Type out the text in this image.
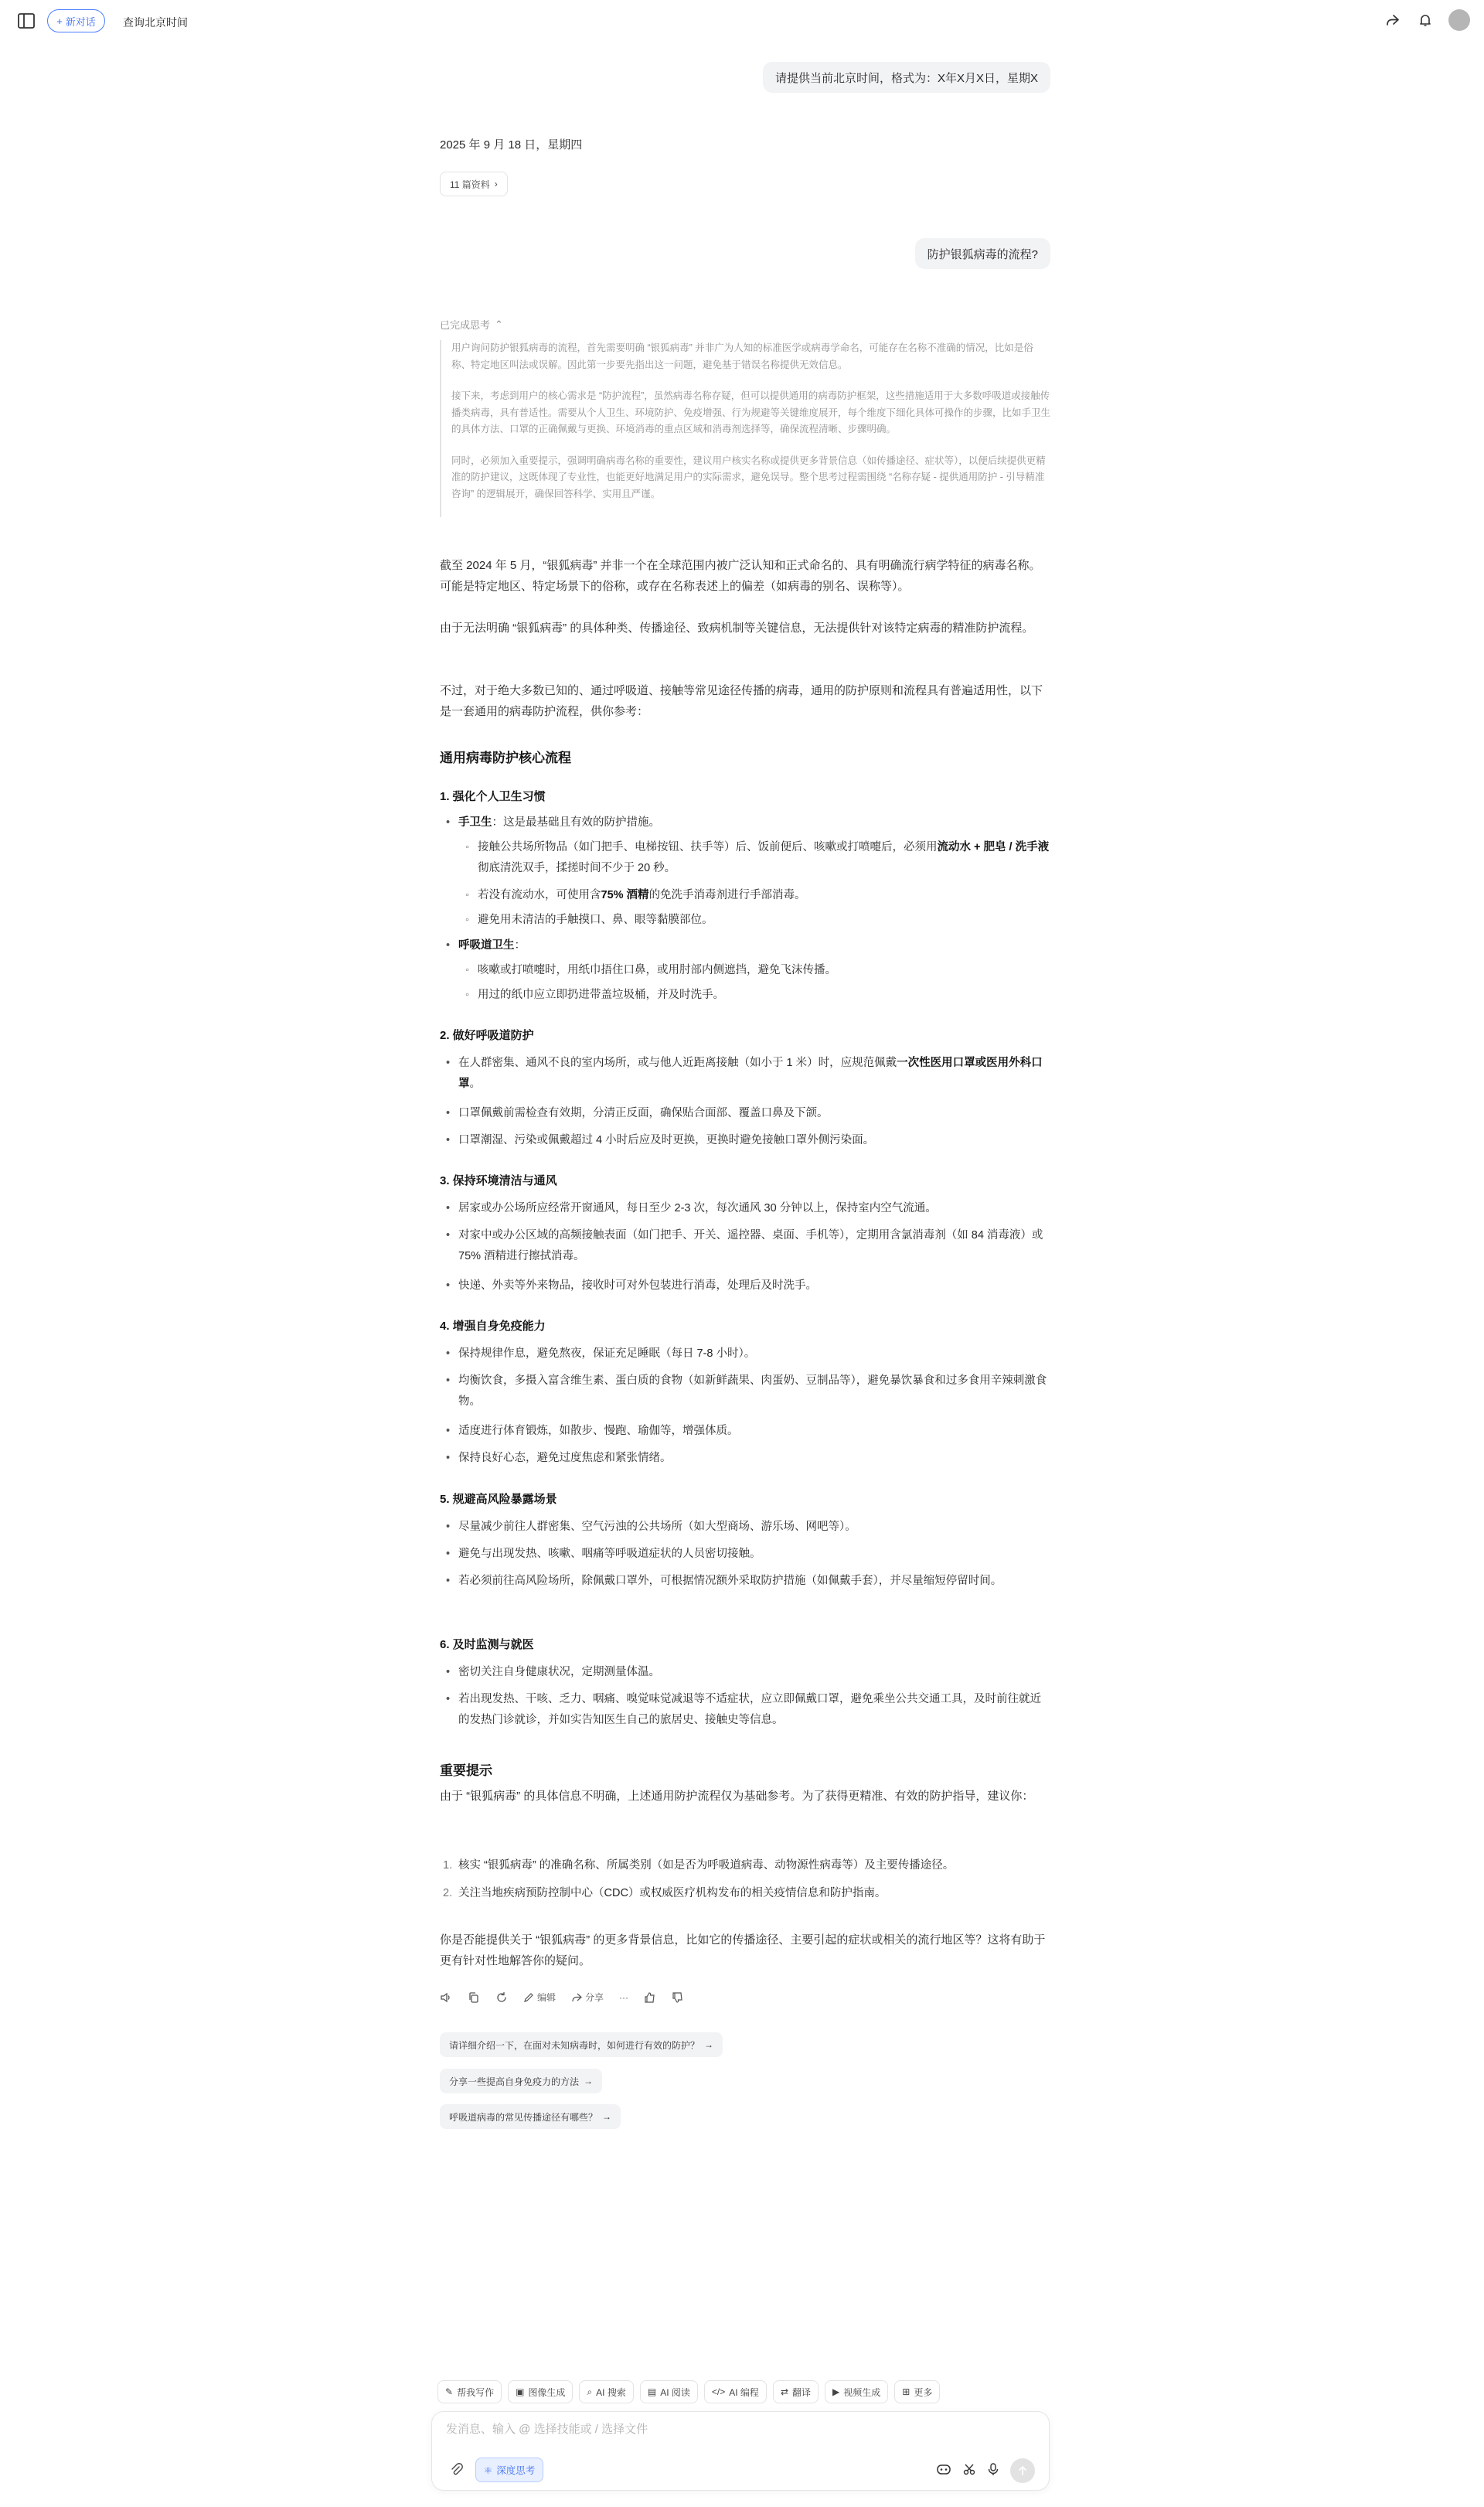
+ 新对话	查询北京时间
请提供当前北京时间，格式为：X年X月X日，星期X
2025 年 9 月 18 日，星期四
11 篇资料 ›
防护银狐病毒的流程?
已完成思考 ⌃

用户询问防护银狐病毒的流程，首先需要明确 “银狐病毒” 并非广为人知的标准医学或病毒学命名，可能存在名称不准确的情况，比如是俗称、特定地区叫法或误解。因此第一步要先指出这一问题，避免基于错误名称提供无效信息。

接下来，考虑到用户的核心需求是 “防护流程”，虽然病毒名称存疑，但可以提供通用的病毒防护框架，这些措施适用于大多数呼吸道或接触传播类病毒，具有普适性。需要从个人卫生、环境防护、免疫增强、行为规避等关键维度展开，每个维度下细化具体可操作的步骤，比如手卫生的具体方法、口罩的正确佩戴与更换、环境消毒的重点区域和消毒剂选择等，确保流程清晰、步骤明确。

同时，必须加入重要提示，强调明确病毒名称的重要性，建议用户核实名称或提供更多背景信息（如传播途径、症状等），以便后续提供更精准的防护建议，这既体现了专业性，也能更好地满足用户的实际需求，避免误导。整个思考过程需围绕 “名称存疑 - 提供通用防护 - 引导精准咨询” 的逻辑展开，确保回答科学、实用且严谨。

截至 2024 年 5 月，“银狐病毒” 并非一个在全球范围内被广泛认知和正式命名的、具有明确流行病学特征的病毒名称。可能是特定地区、特定场景下的俗称，或存在名称表述上的偏差（如病毒的别名、误称等）。

由于无法明确 “银狐病毒” 的具体种类、传播途径、致病机制等关键信息，无法提供针对该特定病毒的精准防护流程。

不过，对于绝大多数已知的、通过呼吸道、接触等常见途径传播的病毒，通用的防护原则和流程具有普遍适用性，以下是一套通用的病毒防护流程，供你参考：

通用病毒防护核心流程
1. 强化个人卫生习惯
• 手卫生：这是最基础且有效的防护措施。
◦ 接触公共场所物品（如门把手、电梯按钮、扶手等）后、饭前便后、咳嗽或打喷嚏后，必须用流动水 + 肥皂 / 洗手液彻底清洗双手，揉搓时间不少于 20 秒。
◦ 若没有流动水，可使用含75% 酒精的免洗手消毒剂进行手部消毒。
◦ 避免用未清洁的手触摸口、鼻、眼等黏膜部位。
• 呼吸道卫生：
◦ 咳嗽或打喷嚏时，用纸巾捂住口鼻，或用肘部内侧遮挡，避免飞沫传播。
◦ 用过的纸巾应立即扔进带盖垃圾桶，并及时洗手。
2. 做好呼吸道防护
• 在人群密集、通风不良的室内场所，或与他人近距离接触（如小于 1 米）时，应规范佩戴一次性医用口罩或医用外科口罩。
• 口罩佩戴前需检查有效期，分清正反面，确保贴合面部、覆盖口鼻及下颌。
• 口罩潮湿、污染或佩戴超过 4 小时后应及时更换，更换时避免接触口罩外侧污染面。
3. 保持环境清洁与通风
• 居家或办公场所应经常开窗通风，每日至少 2-3 次，每次通风 30 分钟以上，保持室内空气流通。
• 对家中或办公区域的高频接触表面（如门把手、开关、遥控器、桌面、手机等），定期用含氯消毒剂（如 84 消毒液）或 75% 酒精进行擦拭消毒。
• 快递、外卖等外来物品，接收时可对外包装进行消毒，处理后及时洗手。
4. 增强自身免疫能力
• 保持规律作息，避免熬夜，保证充足睡眠（每日 7-8 小时）。
• 均衡饮食，多摄入富含维生素、蛋白质的食物（如新鲜蔬果、肉蛋奶、豆制品等），避免暴饮暴食和过多食用辛辣刺激食物。
• 适度进行体育锻炼，如散步、慢跑、瑜伽等，增强体质。
• 保持良好心态，避免过度焦虑和紧张情绪。
5. 规避高风险暴露场景
• 尽量减少前往人群密集、空气污浊的公共场所（如大型商场、游乐场、网吧等）。
• 避免与出现发热、咳嗽、咽痛等呼吸道症状的人员密切接触。
• 若必须前往高风险场所，除佩戴口罩外，可根据情况额外采取防护措施（如佩戴手套），并尽量缩短停留时间。
6. 及时监测与就医
• 密切关注自身健康状况，定期测量体温。
• 若出现发热、干咳、乏力、咽痛、嗅觉味觉减退等不适症状，应立即佩戴口罩，避免乘坐公共交通工具，及时前往就近的发热门诊就诊，并如实告知医生自己的旅居史、接触史等信息。
重要提示

由于 “银狐病毒” 的具体信息不明确，上述通用防护流程仅为基础参考。为了获得更精准、有效的防护指导，建议你：

1. 核实 “银狐病毒” 的准确名称、所属类别（如是否为呼吸道病毒、动物源性病毒等）及主要传播途径。
2. 关注当地疾病预防控制中心（CDC）或权威医疗机构发布的相关疫情信息和防护指南。

你是否能提供关于 “银狐病毒” 的更多背景信息，比如它的传播途径、主要引起的症状或相关的流行地区等？这将有助于更有针对性地解答你的疑问。

编辑	分享 ···
请详细介绍一下，在面对未知病毒时，如何进行有效的防护？ →
分享一些提高自身免疫力的方法 →
呼吸道病毒的常见传播途径有哪些？ →
✎ 帮我写作 ▣ 图像生成 ⌕ AI 搜索 ▤ AI 阅读 </> AI 编程 ⇄ 翻译 ▶ 视频生成 ⊞ 更多
发消息、输入 @ 选择技能或 / 选择文件
⚛ 深度思考
